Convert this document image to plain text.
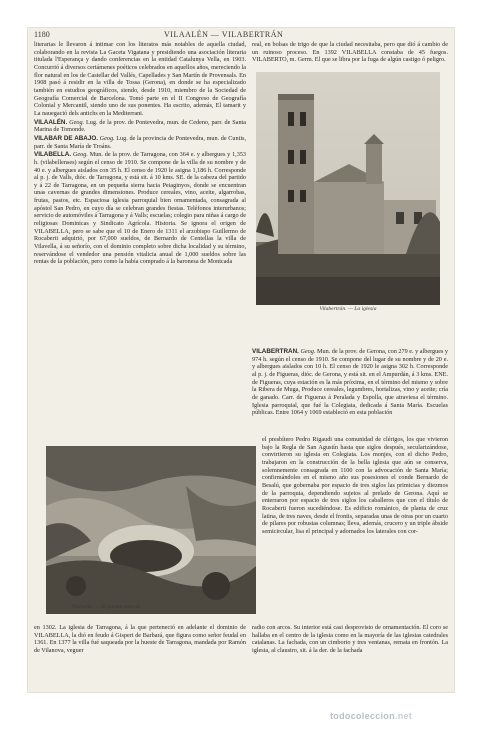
1180	VILAALÉN — VILABERTRÁN

literarias le llevaron á intimar con los literatos más notables de aquella ciudad, colaborando en la revista La Gaceta Vigatana y presidiendo una asociación literaria titulada l'Esperança y dando conferencias en la entidad Catalunya Vella, en 1903. Concurrió á diversos certámenes poéticos celebrados en aquellos años, mereciendo la flor natural en los de Castellar del Vallés, Capellades y San Martín de Provensals. En 1908 pasó á residir en la villa de Tossa (Gerona), en donde se ha especializado también en estudios geográficos, siendo, desde 1910, miembro de la Sociedad de Geografía Comercial de Barcelona. Tomó parte en el II Congreso de Geografía Colonial y Mercantil, siendo uno de sus ponentes. Ha escrito, además, El tamarit y La nauegació dels antichs en la Mediterrani.

VILAALÉN. Geog. Lug. de la prov. de Pontevedra, mun. de Cedeno, parr. de Santa Marina de Tomonde.

VILABAR DE ABAJO. Geog. Lug. de la provincia de Pontevedra, mun. de Cuntis, parr. de Santa María de Troáns.

VILABELLA. Geog. Mun. de la prov. de Tarragona, con 364 e. y albergues y 1,353 h. (vilabellenses) según el censo de 1910. Se compone de la villa de su nombre y de 40 e. y albergues aislados con 35 h. El censo de 1920 le asigna 1,186 h. Corresponde al p. j. de Valls, dióc. de Tarragona, y está sit. á 10 kms. SE. de la cabeza del partido y á 22 de Tarragona, en un pequeña sierra hacia Peiaginyos, donde se encuentran unas cavernas de grandes dimensiones. Produce cereales, vino, aceite, algarrobas, frutas, pastos, etc. Espaciosa iglesia parroquial bien ornamentada, consagrada al apóstol San Pedro, en cuyo día se celebran grandes fiestas. Teléfonos interurbanos; servicio de automóviles á Tarragona y á Valls; escuelas; colegio para niñas á cargo de religiosas Dominicas y Sindicato Agrícola. Historia. Se ignora el origen de VILABELLA, pero se sabe que el 10 de Enero de 1311 el arzobispo Guillermo de Rocaberti adquirió, por 67,000 sueldos, de Bernardo de Centellas la villa de Vilavella, á su señorío, con el dominio completo sobre dicha localidad y su término, reservándose el vendedor una pensión vitalicia anual de 1,000 sueldos sobre las rentas de la población, pero como la había comprado á la baronesa de Montcada

real, en bolsas de trigo de que la ciudad necesitaba, pero que dió á cambio de un ruinoso proceso. En 1392 VILABELLA constaba de 45 fuegos. VILABERTO, m. Germ. El que se libra por la fuga de algún castigo ó peligro.

Vilabertrán. — La iglesia

VILABERTRÁN. Geog. Mun. de la prov. de Gerona, con 279 e. y albergues y 974 h. según el censo de 1910. Se compone del lugar de su nombre y de 20 e. y albergues aislados con 10 h. El censo de 1920 le asigna 302 h. Corresponde al p. j. de Figueras, dióc. de Gerona, y está sit. en el Ampurdán, á 3 kms. ENE. de Figueras, cuya estación es la más próxima, en el término del mismo y sobre la Ribera de Muga, Produce cereales, legumbres, hortalizas, vino y aceite; cría de ganado. Carr. de Figueras á Peralada y Espolla, que atraviesa el término. Iglesia parroquial, que fué la Colegiata, dedicada á Santa María. Escuelas públicas. Entre 1064 y 1069 estableció en esta población

Vilabella. — El puente natural

el presbítero Pedro Rigaudi una comunidad de clérigos, los que vivieron bajo la Regla de San Agustín hasta que siglos después, secularizándose, convirtieron su iglesia en Colegiata. Los monjes, con el dicho Pedro, trabajaron en la construcción de la bella iglesia que aún se conserva, solemnemente consagrada en 1100 con la advocación de Santa María; confirmándoles en el mismo año sus posesiones el conde Bernardo de Besalú, que gobernaba por espacio de tres siglos las primicias y diezmos de la parroquia, dependiendo sujetos al prelado de Gerona. Aquí se enterraron por espacio de tres siglos los caballeros que con el título de Rocaberti fueron sucediéndose. Es edificio románico, de planta de cruz latina, de tres naves, desde el frontis, separadas unas de otras por un cuarto de pilares por robustas columnas; lleva, además, crucero y un triple ábside semicircular, lisa el principal y adornados los laterales con cor-

en 1302. La iglesia de Tarragona, á la que perteneció en adelante el dominio de VILABELLA, la dió en feudo á Gispert de Barbará, que figura como señor feudal en 1361. En 1377 la villa fué saqueada por la hueste de Tarragona, mandada por Ramón de Vilanova, veguer

radio con arcos. Su interior está casi desprovisto de ornamentación. El coro se hallaba en el centro de la iglesia como en la mayoría de las iglesias catedrales catalanas. La fachada, con un cimborio y tres ventanas, remata en frontón. La iglesia, al claustro, sit. á la der. de la fachada

todocoleccion.net
